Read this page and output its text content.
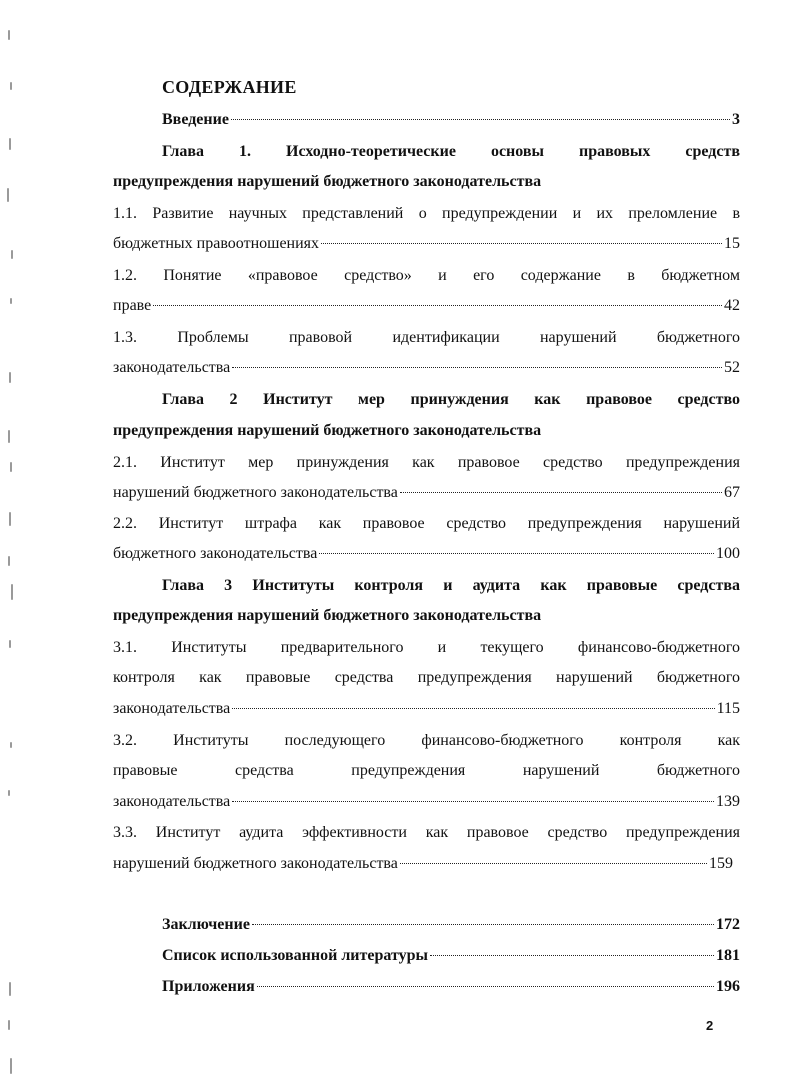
СОДЕРЖАНИЕ
Введение	3
Глава 1. Исходно-теоретические основы правовых средств
предупреждения нарушений бюджетного законодательства
1.1. Развитие научных представлений о предупреждении и их преломление в
бюджетных правоотношениях	15
1.2. Понятие «правовое средство» и его содержание в бюджетном
праве	42
1.3. Проблемы правовой идентификации нарушений бюджетного
законодательства	52
Глава 2 Институт мер принуждения как правовое средство
предупреждения нарушений бюджетного законодательства
2.1. Институт мер принуждения как правовое средство предупреждения
нарушений бюджетного законодательства	67
2.2. Институт штрафа как правовое средство предупреждения нарушений
бюджетного законодательства	100
Глава 3 Институты контроля и аудита как правовые средства
предупреждения нарушений бюджетного законодательства
3.1. Институты предварительного и текущего финансово-бюджетного
контроля как правовые средства предупреждения нарушений бюджетного
законодательства	115
3.2. Институты последующего финансово-бюджетного контроля как
правовые средства предупреждения нарушений бюджетного
законодательства	139
3.3. Институт аудита эффективности как правовое средство предупреждения
нарушений бюджетного законодательства	159
Заключение	172
Список использованной литературы	181
Приложения	196
2
